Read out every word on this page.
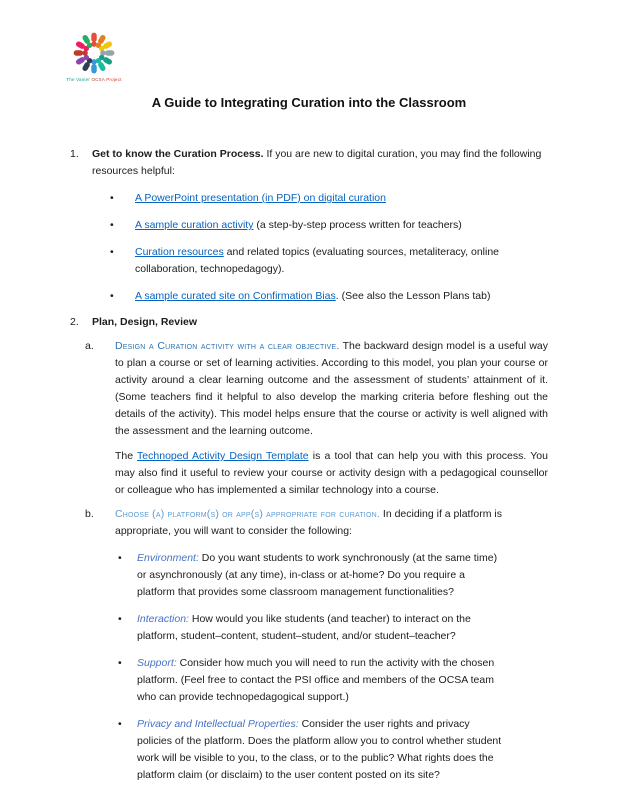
The Vanier OCSA Project
A Guide to Integrating Curation into the Classroom
1.	Get to know the Curation Process. If you are new to digital curation, you may find the following resources helpful:
•
A PowerPoint presentation (in PDF) on digital curation
•
A sample curation activity (a step-by-step process written for teachers)
•
Curation resources and related topics (evaluating sources, metaliteracy, online collaboration, technopedagogy).
•
A sample curated site on Confirmation Bias. (See also the Lesson Plans tab)
2.	Plan, Design, Review
a.	Design a Curation activity with a clear objective. The backward design model is a useful way to plan a course or set of learning activities. According to this model, you plan your course or activity around a clear learning outcome and the assessment of students’ attainment of it. (Some teachers find it helpful to also develop the marking criteria before fleshing out the details of the activity). This model helps ensure that the course or activity is well aligned with the assessment and the learning outcome.
The Technoped Activity Design Template is a tool that can help you with this process. You may also find it useful to review your course or activity design with a pedagogical counsellor or colleague who has implemented a similar technology into a course.
b.	Choose (a) platform(s) or app(s) appropriate for curation. In deciding if a platform is appropriate, you will want to consider the following:
•
Environment: Do you want students to work synchronously (at the same time) or asynchronously (at any time), in-class or at-home? Do you require a platform that provides some classroom management functionalities?
•
Interaction: How would you like students (and teacher) to interact on the platform, student–content, student–student, and/or student–teacher?
•
Support: Consider how much you will need to run the activity with the chosen platform. (Feel free to contact the PSI office and members of the OCSA team who can provide technopedagogical support.)
•
Privacy and Intellectual Properties: Consider the user rights and privacy policies of the platform. Does the platform allow you to control whether student work will be visible to you, to the class, or to the public? What rights does the platform claim (or disclaim) to the user content posted on its site?
